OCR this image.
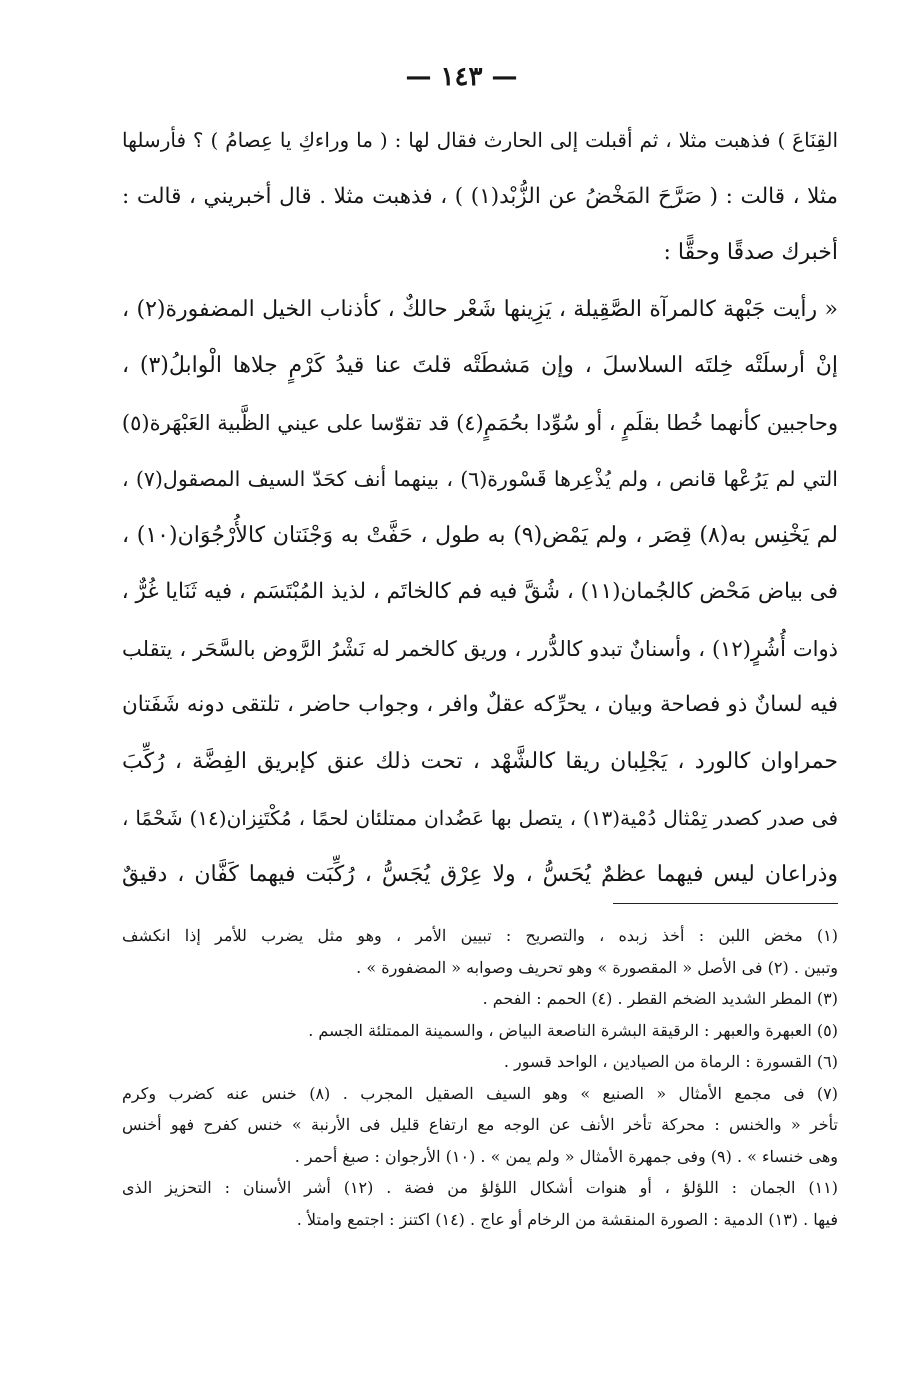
— ١٤٣ —
القِنَاعَ ) فذهبت مثلا ، ثم أقبلت إلى الحارث فقال لها : ( ما وراءكِ يا عِصامُ ) ؟ فأرسلها
مثلا ، قالت : ( صَرَّحَ المَخْضُ عن الزُّبْد(١) ) ، فذهبت مثلا . قال أخبريني ، قالت :
أخبرك صدقًا وحقًّا :
« رأيت جَبْهة كالمرآة الصَّقِيلة ، يَزِينها شَعْر حالكٌ ، كأذناب الخيل المضفورة(٢) ،
إنْ أرسلَتْه خِلتَه السلاسلَ ، وإن مَشطَتْه قلتَ عنا قيدُ كَرْمٍ جلاها الْوابلُ(٣) ،
وحاجبين كأنهما خُطا بقلَمٍ ، أو سُوِّدا بحُمَمٍ(٤) قد تقوّسا على عيني الظَّبية العَبْهَرة(٥)
التي لم يَرُعْها قانص ، ولم يُذْعِرها قَسْورة(٦) ، بينهما أنف كحَدّ السيف المصقول(٧) ،
لم يَخْنِس به(٨) قِصَر ، ولم يَمْض(٩) به طول ، حَفَّتْ به وَجْنَتان كالأُرْجُوَان(١٠) ،
فى بياض مَحْض كالجُمان(١١) ، شُقَّ فيه فم كالخاتَم ، لذيذ المُبْتَسَم ، فيه ثَنَايا غُرٌّ ،
ذوات أُشُرٍ(١٢) ، وأسنانٌ تبدو كالدُّرر ، وريق كالخمر له نَشْرُ الرَّوض بالسَّحَر ، يتقلب
فيه لسانٌ ذو فصاحة وبيان ، يحرِّكه عقلٌ وافر ، وجواب حاضر ، تلتقى دونه شَفَتان
حمراوان كالورد ، يَجْلِبان ريقا كالشَّهْد ، تحت ذلك عنق كإبريق الفِضَّة ، رُكِّبَ
فى صدر كصدر تِمْثال دُمْية(١٣) ، يتصل بها عَضُدان ممتلئان لحمًا ، مُكْتَنِزان(١٤) شَحْمًا ،
وذراعان ليس فيهما عظمٌ يُحَسُّ ، ولا عِرْق يُجَسُّ ، رُكِّبَت فيهما كَفَّان ، دقيقٌ
(١) مخض اللبن : أخذ زبده ، والتصريح : تبيين الأمر ، وهو مثل يضرب للأمر إذا انكشف
وتبين . (٢) فى الأصل « المقصورة » وهو تحريف وصوابه « المضفورة » .
(٣) المطر الشديد الضخم القطر . (٤) الحمم : الفحم .
(٥) العبهرة والعبهر : الرقيقة البشرة الناصعة البياض ، والسمينة الممتلئة الجسم .
(٦) القسورة : الرماة من الصيادين ، الواحد قسور .
(٧) فى مجمع الأمثال « الصنيع » وهو السيف الصقيل المجرب . (٨) خنس عنه كضرب وكرم
تأخر « والخنس : محركة تأخر الأنف عن الوجه مع ارتفاع قليل فى الأرنبة » خنس كفرح فهو أخنس
وهى خنساء » . (٩) وفى جمهرة الأمثال « ولم يمن » . (١٠) الأرجوان : صبغ أحمر .
(١١) الجمان : اللؤلؤ ، أو هنوات أشكال اللؤلؤ من فضة . (١٢) أشر الأسنان : التحزيز الذى
فيها . (١٣) الدمية : الصورة المنقشة من الرخام أو عاج . (١٤) اكتنز : اجتمع وامتلأ .
